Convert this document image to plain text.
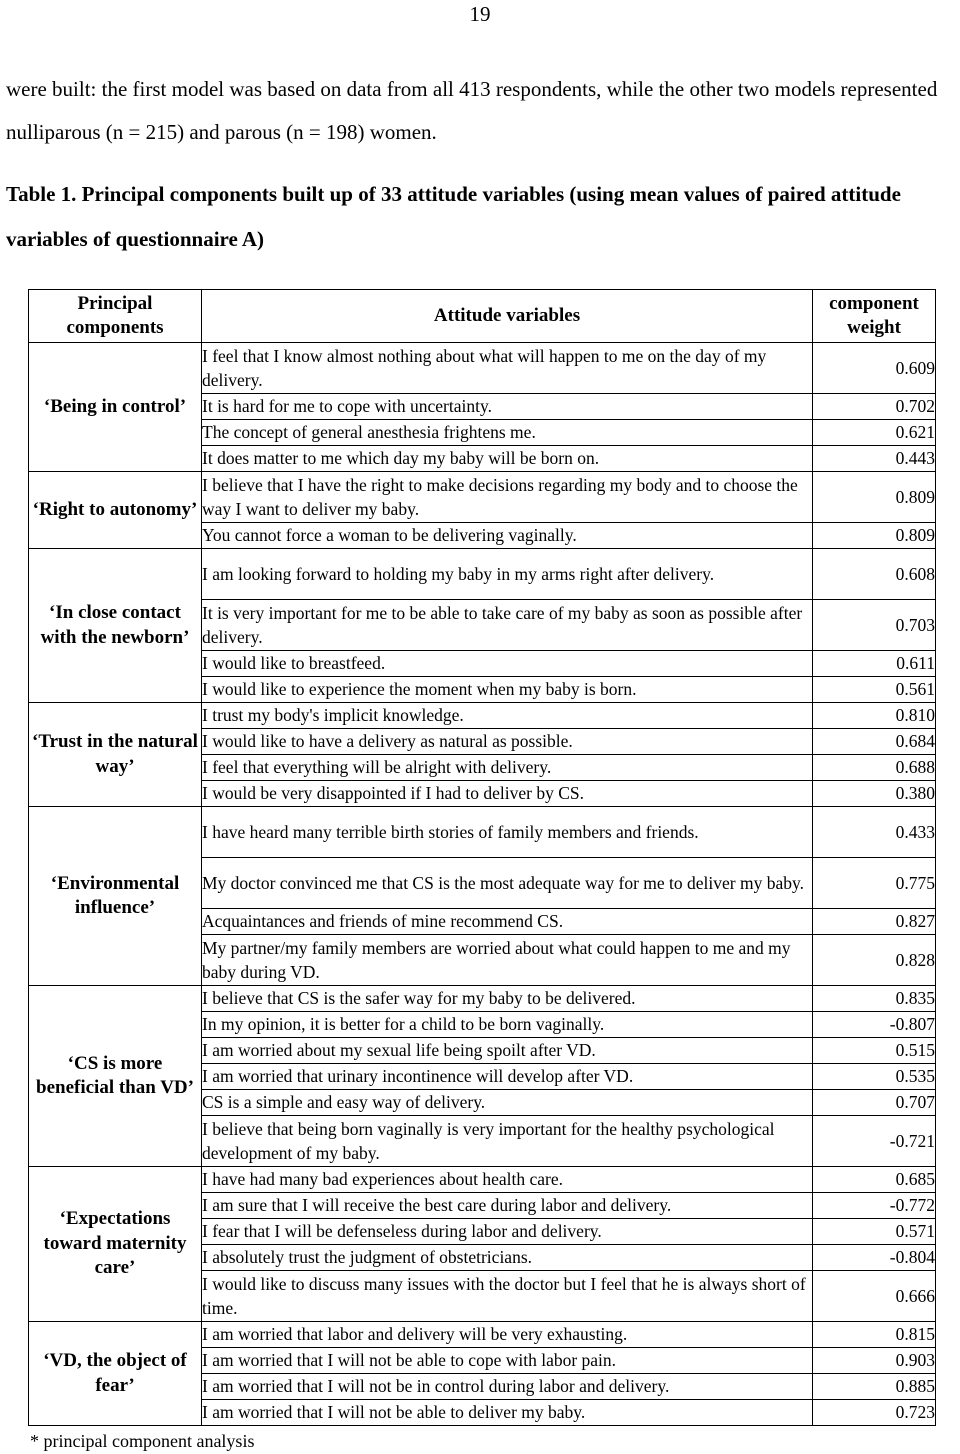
19
were built: the first model was based on data from all 413 respondents, while the other two models represented nulliparous (n = 215) and parous (n = 198) women.
Table 1. Principal components built up of 33 attitude variables (using mean values of paired attitude variables of questionnaire A)
Principal components	Attitude variables	component weight
‘Being in control’	I feel that I know almost nothing about what will happen to me on the day of my delivery.	0.609
	It is hard for me to cope with uncertainty.	0.702
	The concept of general anesthesia frightens me.	0.621
	It does matter to me which day my baby will be born on.	0.443
‘Right to autonomy’	I believe that I have the right to make decisions regarding my body and to choose the way I want to deliver my baby.	0.809
	You cannot force a woman to be delivering vaginally.	0.809
‘In close contact with the newborn’	I am looking forward to holding my baby in my arms right after delivery.	0.608
	It is very important for me to be able to take care of my baby as soon as possible after delivery.	0.703
	I would like to breastfeed.	0.611
	I would like to experience the moment when my baby is born.	0.561
‘Trust in the natural way’	I trust my body's implicit knowledge.	0.810
	I would like to have a delivery as natural as possible.	0.684
	I feel that everything will be alright with delivery.	0.688
	I would be very disappointed if I had to deliver by CS.	0.380
‘Environmental influence’	I have heard many terrible birth stories of family members and friends.	0.433
	My doctor convinced me that CS is the most adequate way for me to deliver my baby.	0.775
	Acquaintances and friends of mine recommend CS.	0.827
	My partner/my family members are worried about what could happen to me and my baby during VD.	0.828
‘CS is more beneficial than VD’	I believe that CS is the safer way for my baby to be delivered.	0.835
	In my opinion, it is better for a child to be born vaginally.	-0.807
	I am worried about my sexual life being spoilt after VD.	0.515
	I am worried that urinary incontinence will develop after VD.	0.535
	CS is a simple and easy way of delivery.	0.707
	I believe that being born vaginally is very important for the healthy psychological development of my baby.	-0.721
‘Expectations toward maternity care’	I have had many bad experiences about health care.	0.685
	I am sure that I will receive the best care during labor and delivery.	-0.772
	I fear that I will be defenseless during labor and delivery.	0.571
	I absolutely trust the judgment of obstetricians.	-0.804
	I would like to discuss many issues with the doctor but I feel that he is always short of time.	0.666
‘VD, the object of fear’	I am worried that labor and delivery will be very exhausting.	0.815
	I am worried that I will not be able to cope with labor pain.	0.903
	I am worried that I will not be in control during labor and delivery.	0.885
	I am worried that I will not be able to deliver my baby.	0.723
* principal component analysis
